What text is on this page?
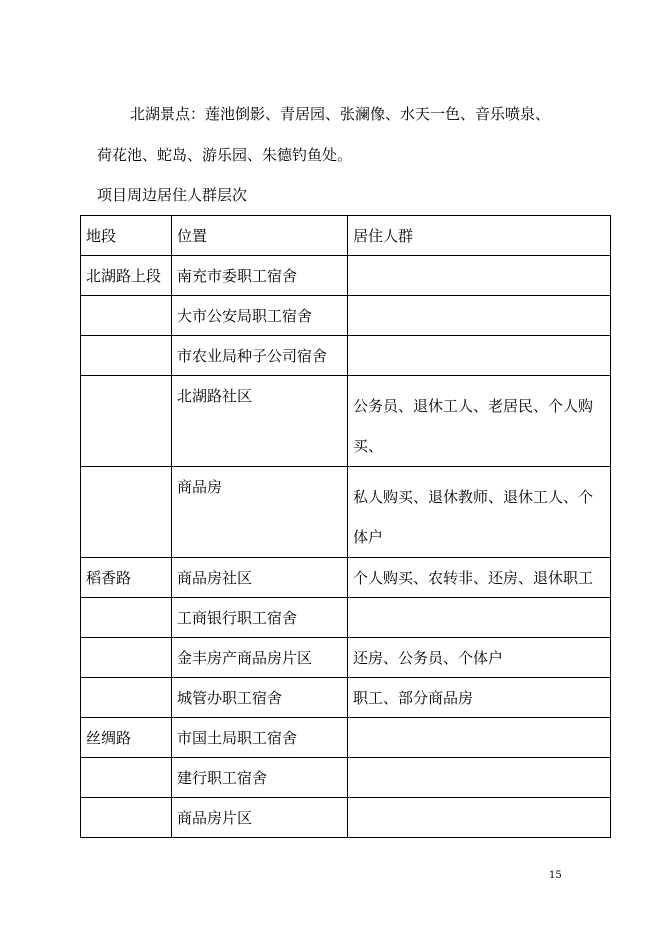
北湖景点：莲池倒影、青居园、张澜像、水天一色、音乐喷泉、

荷花池、蛇岛、游乐园、朱德钓鱼处。

项目周边居住人群层次

地段	位置	居住人群
北湖路上段	南充市委职工宿舍	
	大市公安局职工宿舍	
	市农业局种子公司宿舍	
	北湖路社区	公务员、退休工人、老居民、个人购买、
	商品房	私人购买、退休教师、退休工人、个体户
稻香路	商品房社区	个人购买、农转非、还房、退休职工
	工商银行职工宿舍	
	金丰房产商品房片区	还房、公务员、个体户
	城管办职工宿舍	职工、部分商品房
丝绸路	市国土局职工宿舍	
	建行职工宿舍	
	商品房片区	
15
